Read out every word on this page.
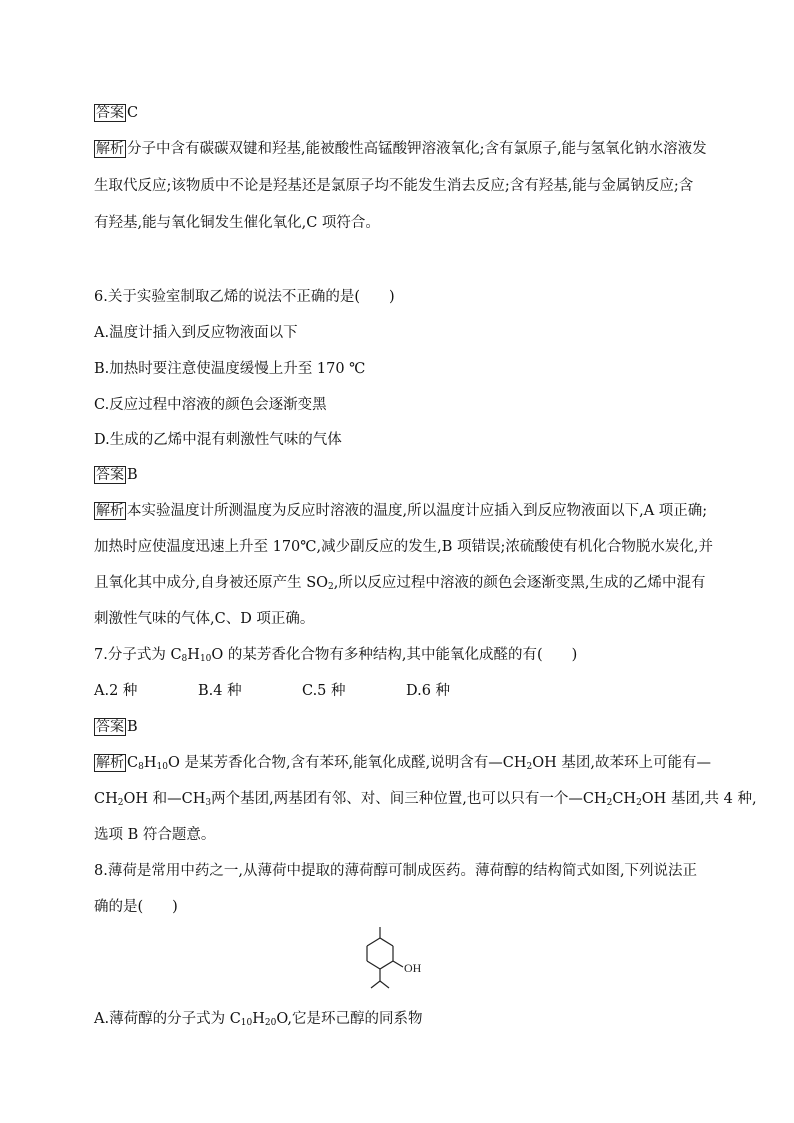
答案 C
解析 分子中含有碳碳双键和羟基,能被酸性高锰酸钾溶液氧化;含有氯原子,能与氢氧化钠水溶液发
生取代反应;该物质中不论是羟基还是氯原子均不能发生消去反应;含有羟基,能与金属钠反应;含
有羟基,能与氧化铜发生催化氧化,C 项符合。
6.关于实验室制取乙烯的说法不正确的是(　　)
A.温度计插入到反应物液面以下
B.加热时要注意使温度缓慢上升至 170 ℃
C.反应过程中溶液的颜色会逐渐变黑
D.生成的乙烯中混有刺激性气味的气体
答案 B
解析 本实验温度计所测温度为反应时溶液的温度,所以温度计应插入到反应物液面以下,A 项正确;
加热时应使温度迅速上升至 170℃,减少副反应的发生,B 项错误;浓硫酸使有机化合物脱水炭化,并
且氧化其中成分,自身被还原产生 $SO_2$,所以反应过程中溶液的颜色会逐渐变黑,生成的乙烯中混有
刺激性气味的气体,C、D 项正确。
7.分子式为 $C_8H_{10}O$ 的某芳香化合物有多种结构,其中能氧化成醛的有(　　)
A.2 种	B.4 种	C.5 种	D.6 种
答案 B
解析 $C_8H_{10}O$ 是某芳香化合物,含有苯环,能氧化成醛,说明含有$—CH_2OH$ 基团,故苯环上可能有—
$CH_2OH$ 和$—CH_3$两个基团,两基团有邻、对、间三种位置,也可以只有一个$—CH_2CH_2OH$ 基团,共 4 种,
选项 B 符合题意。
8.薄荷是常用中药之一,从薄荷中提取的薄荷醇可制成医药。薄荷醇的结构简式如图,下列说法正
确的是(　　)
A.薄荷醇的分子式为 $C_{10}H_{20}O$,它是环己醇的同系物
OH
